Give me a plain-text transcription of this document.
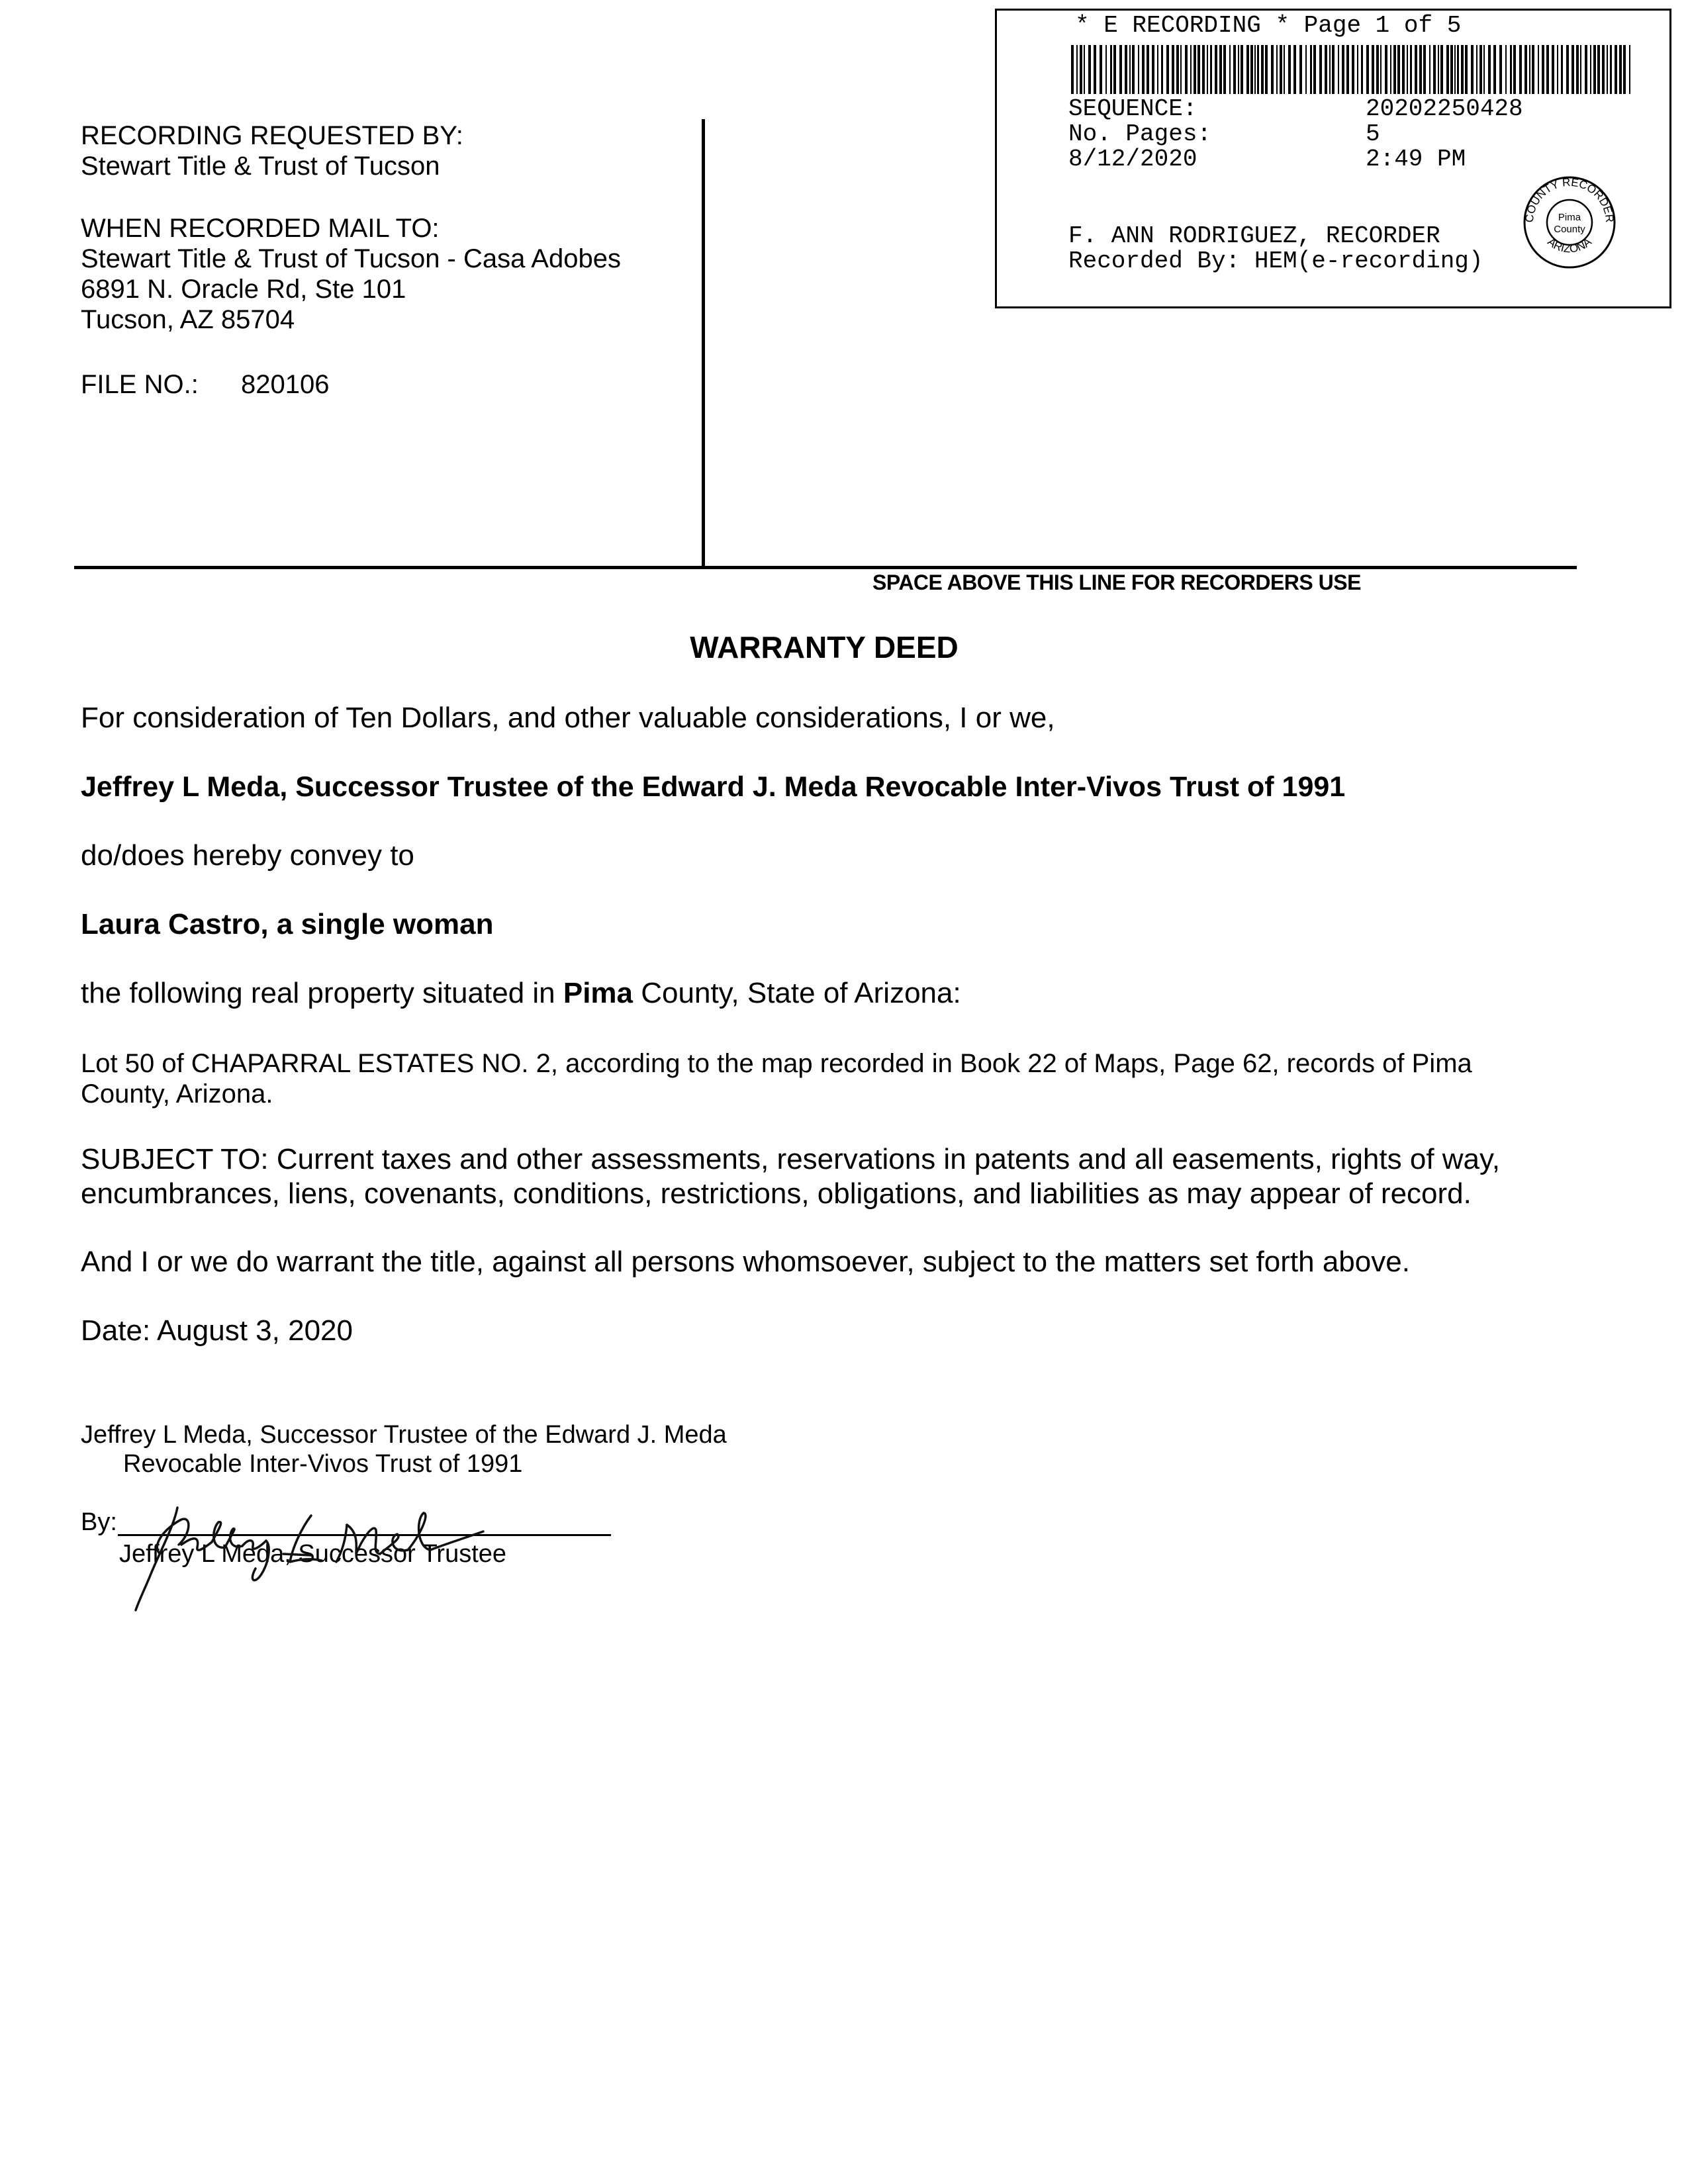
RECORDING REQUESTED BY:
Stewart Title & Trust of Tucson
WHEN RECORDED MAIL TO:
Stewart Title & Trust of Tucson - Casa Adobes
6891 N. Oracle Rd, Ste 101
Tucson, AZ 85704
FILE NO.: 820106
* E RECORDING * Page 1 of 5
SEQUENCE:	20202250428
No. Pages:	5
8/12/2020	2:49 PM
F. ANN RODRIGUEZ, RECORDER
Recorded By: HEM(e-recording)
COUNTY RECORDER
ARIZONA
Pima
County
SPACE ABOVE THIS LINE FOR RECORDERS USE
WARRANTY DEED
For consideration of Ten Dollars, and other valuable considerations, I or we,
Jeffrey L Meda, Successor Trustee of the Edward J. Meda Revocable Inter-Vivos Trust of 1991
do/does hereby convey to
Laura Castro, a single woman
the following real property situated in Pima County, State of Arizona:
Lot 50 of CHAPARRAL ESTATES NO. 2, according to the map recorded in Book 22 of Maps, Page 62, records of Pima County, Arizona.
SUBJECT TO: Current taxes and other assessments, reservations in patents and all easements, rights of way, encumbrances, liens, covenants, conditions, restrictions, obligations, and liabilities as may appear of record.
And I or we do warrant the title, against all persons whomsoever, subject to the matters set forth above.
Date: August 3, 2020
Jeffrey L Meda, Successor Trustee of the Edward J. Meda
Revocable Inter-Vivos Trust of 1991
By:
Jeffrey L Meda, Successor Trustee
